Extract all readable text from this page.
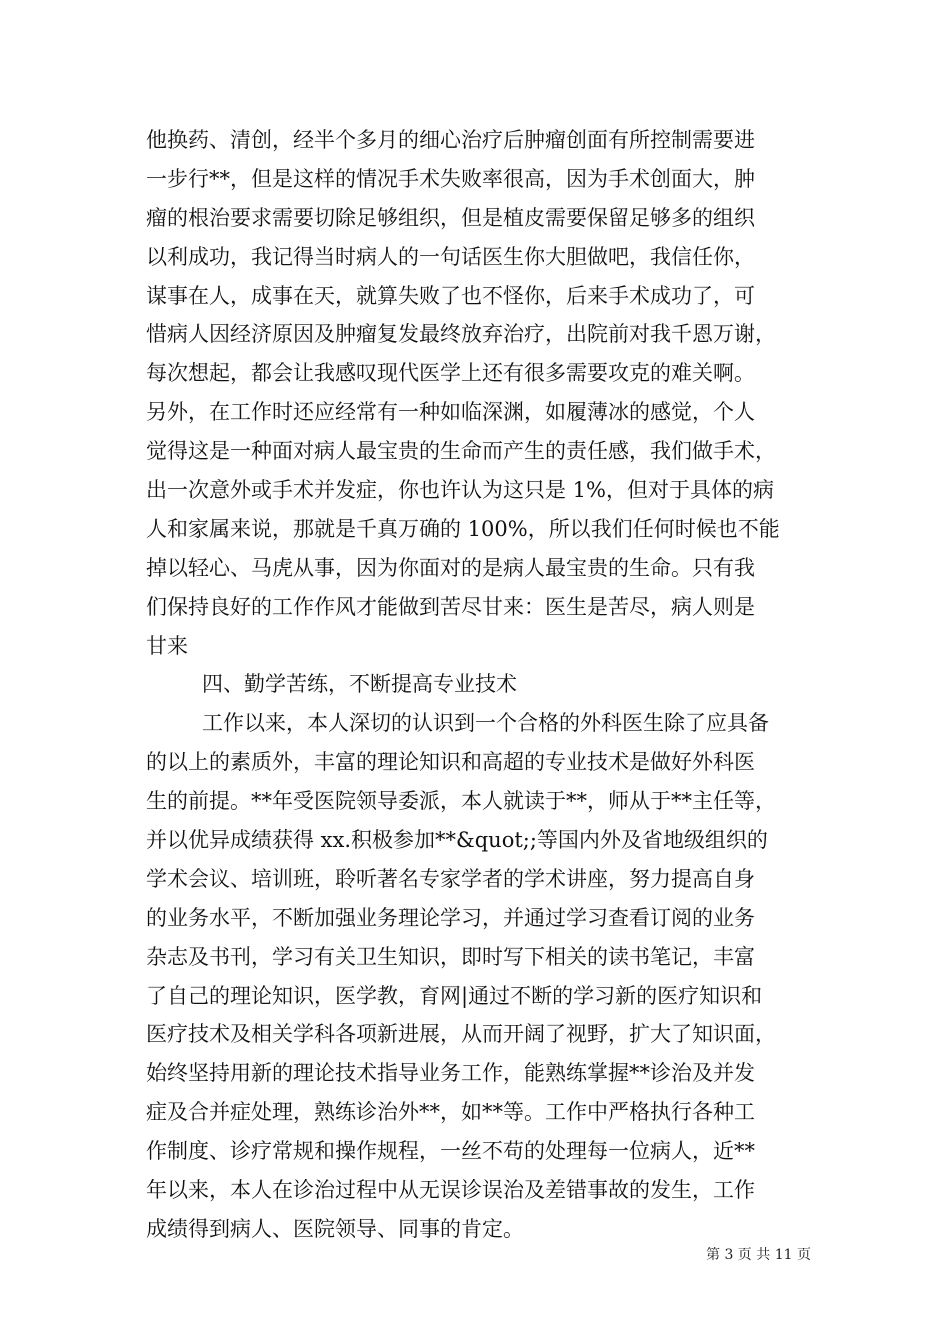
他换药、清创，经半个多月的细心治疗后肿瘤创面有所控制需要进
一步行**，但是这样的情况手术失败率很高，因为手术创面大，肿
瘤的根治要求需要切除足够组织，但是植皮需要保留足够多的组织
以利成功，我记得当时病人的一句话医生你大胆做吧，我信任你，
谋事在人，成事在天，就算失败了也不怪你，后来手术成功了，可
惜病人因经济原因及肿瘤复发最终放弃治疗，出院前对我千恩万谢，
每次想起，都会让我感叹现代医学上还有很多需要攻克的难关啊。
另外，在工作时还应经常有一种如临深渊，如履薄冰的感觉，个人
觉得这是一种面对病人最宝贵的生命而产生的责任感，我们做手术，
出一次意外或手术并发症，你也许认为这只是 1%，但对于具体的病
人和家属来说，那就是千真万确的 100%，所以我们任何时候也不能
掉以轻心、马虎从事，因为你面对的是病人最宝贵的生命。只有我
们保持良好的工作作风才能做到苦尽甘来：医生是苦尽，病人则是
甘来
四、勤学苦练，不断提高专业技术
工作以来，本人深切的认识到一个合格的外科医生除了应具备
的以上的素质外，丰富的理论知识和高超的专业技术是做好外科医
生的前提。**年受医院领导委派，本人就读于**，师从于**主任等，
并以优异成绩获得 xx.积极参加**&quot;;等国内外及省地级组织的
学术会议、培训班，聆听著名专家学者的学术讲座，努力提高自身
的业务水平，不断加强业务理论学习，并通过学习查看订阅的业务
杂志及书刊，学习有关卫生知识，即时写下相关的读书笔记，丰富
了自己的理论知识，医学教，育网|通过不断的学习新的医疗知识和
医疗技术及相关学科各项新进展，从而开阔了视野，扩大了知识面，
始终坚持用新的理论技术指导业务工作，能熟练掌握**诊治及并发
症及合并症处理，熟练诊治外**，如**等。工作中严格执行各种工
作制度、诊疗常规和操作规程，一丝不苟的处理每一位病人，近**
年以来，本人在诊治过程中从无误诊误治及差错事故的发生，工作
成绩得到病人、医院领导、同事的肯定。
第 3 页 共 11 页
